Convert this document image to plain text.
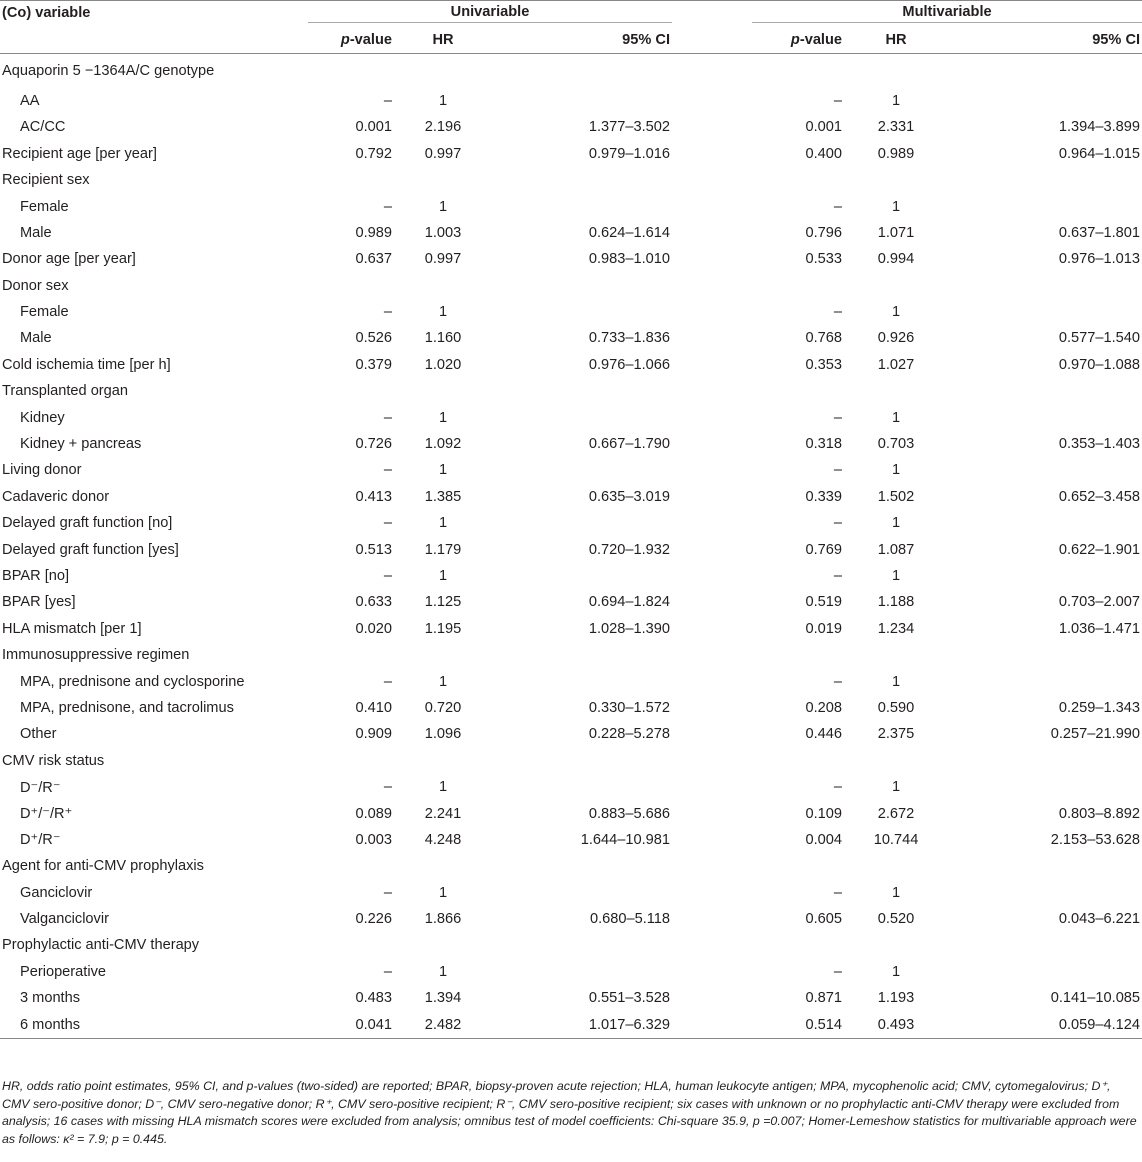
(Co) variable	Univariable				Multivariable		
	p-value	HR	95% CI		p-value	HR	95% CI
Aquaporin 5 −1364A/C genotype							
AA	–	1			–	1	
AC/CC	0.001	2.196	1.377–3.502		0.001	2.331	1.394–3.899
Recipient age [per year]	0.792	0.997	0.979–1.016		0.400	0.989	0.964–1.015
Recipient sex							
Female	–	1			–	1	
Male	0.989	1.003	0.624–1.614		0.796	1.071	0.637–1.801
Donor age [per year]	0.637	0.997	0.983–1.010		0.533	0.994	0.976–1.013
Donor sex							
Female	–	1			–	1	
Male	0.526	1.160	0.733–1.836		0.768	0.926	0.577–1.540
Cold ischemia time [per h]	0.379	1.020	0.976–1.066		0.353	1.027	0.970–1.088
Transplanted organ							
Kidney	–	1			–	1	
Kidney + pancreas	0.726	1.092	0.667–1.790		0.318	0.703	0.353–1.403
Living donor	–	1			–	1	
Cadaveric donor	0.413	1.385	0.635–3.019		0.339	1.502	0.652–3.458
Delayed graft function [no]	–	1			–	1	
Delayed graft function [yes]	0.513	1.179	0.720–1.932		0.769	1.087	0.622–1.901
BPAR [no]	–	1			–	1	
BPAR [yes]	0.633	1.125	0.694–1.824		0.519	1.188	0.703–2.007
HLA mismatch [per 1]	0.020	1.195	1.028–1.390		0.019	1.234	1.036–1.471
Immunosuppressive regimen							
MPA, prednisone and cyclosporine	–	1			–	1	
MPA, prednisone, and tacrolimus	0.410	0.720	0.330–1.572		0.208	0.590	0.259–1.343
Other	0.909	1.096	0.228–5.278		0.446	2.375	0.257–21.990
CMV risk status							
D⁻/R⁻	–	1			–	1	
D⁺/⁻/R⁺	0.089	2.241	0.883–5.686		0.109	2.672	0.803–8.892
D⁺/R⁻	0.003	4.248	1.644–10.981		0.004	10.744	2.153–53.628
Agent for anti-CMV prophylaxis							
Ganciclovir	–	1			–	1	
Valganciclovir	0.226	1.866	0.680–5.118		0.605	0.520	0.043–6.221
Prophylactic anti-CMV therapy							
Perioperative	–	1			–	1	
3 months	0.483	1.394	0.551–3.528		0.871	1.193	0.141–10.085
6 months	0.041	2.482	1.017–6.329		0.514	0.493	0.059–4.124
HR, odds ratio point estimates, 95% CI, and p-values (two-sided) are reported; BPAR, biopsy-proven acute rejection; HLA, human leukocyte antigen; MPA, mycophenolic acid; CMV, cytomegalovirus; D⁺, CMV sero-positive donor; D⁻, CMV sero-negative donor; R⁺, CMV sero-positive recipient; R⁻, CMV sero-positive recipient; six cases with unknown or no prophylactic anti-CMV therapy were excluded from analysis; 16 cases with missing HLA mismatch scores were excluded from analysis; omnibus test of model coefficients: Chi-square 35.9, p =0.007; Homer-Lemeshow statistics for multivariable approach were as follows: κ² = 7.9; p = 0.445.
